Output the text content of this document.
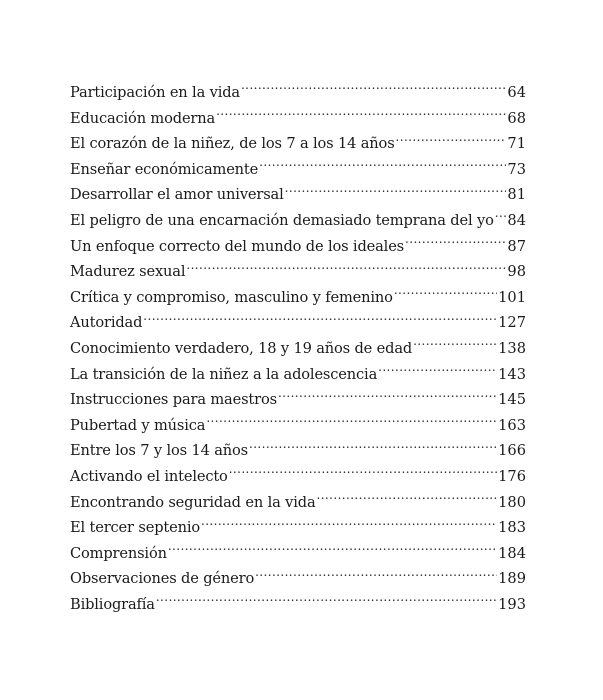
Participación en la vida .....	64
Educación moderna .....	68
El corazón de la niñez, de los 7 a los 14 años .....	71
Enseñar económicamente .....	73
Desarrollar el amor universal .....	81
El peligro de una encarnación demasiado temprana del yo ..... 84
Un enfoque correcto del mundo de los ideales .....	87
Madurez sexual .....	98
Crítica y compromiso, masculino y femenino .....	101
Autoridad .....	127
Conocimiento verdadero, 18 y 19 años de edad .....	138
La transición de la niñez a la adolescencia .....	143
Instrucciones para maestros .....	145
Pubertad y música .....	163
Entre los 7 y los 14 años .....	166
Activando el intelecto .....	176
Encontrando seguridad en la vida .....	180
El tercer septenio .....	183
Comprensión .....	184
Observaciones de género .....	189
Bibliografía .....	193
